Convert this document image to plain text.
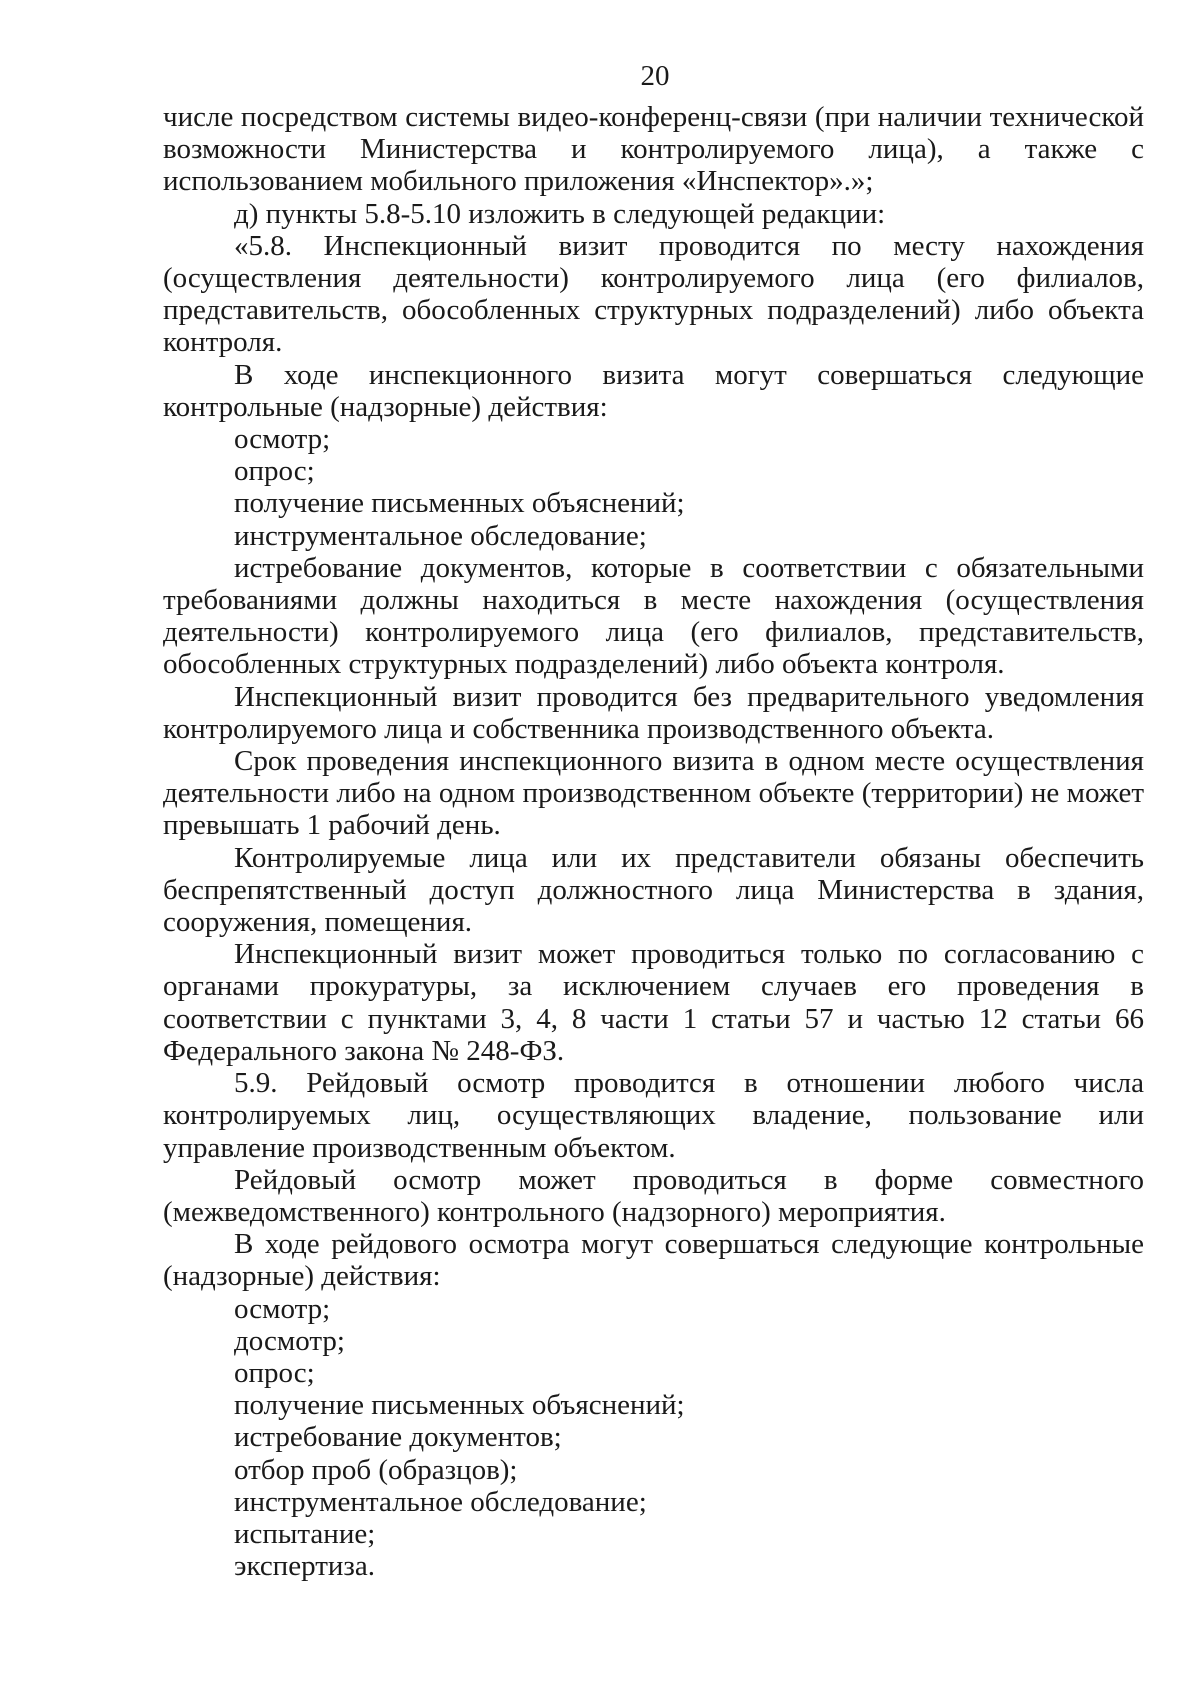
20

числе посредством системы видео-конференц-связи (при наличии технической возможности Министерства и контролируемого лица), а также с использованием мобильного приложения «Инспектор».»;

д) пункты 5.8-5.10 изложить в следующей редакции:

«5.8. Инспекционный визит проводится по месту нахождения (осуществления деятельности) контролируемого лица (его филиалов, представительств, обособленных структурных подразделений) либо объекта контроля.

В ходе инспекционного визита могут совершаться следующие контрольные (надзорные) действия:

осмотр;

опрос;

получение письменных объяснений;

инструментальное обследование;

истребование документов, которые в соответствии с обязательными требованиями должны находиться в месте нахождения (осуществления деятельности) контролируемого лица (его филиалов, представительств, обособленных структурных подразделений) либо объекта контроля.

Инспекционный визит проводится без предварительного уведомления контролируемого лица и собственника производственного объекта.

Срок проведения инспекционного визита в одном месте осуществления деятельности либо на одном производственном объекте (территории) не может превышать 1 рабочий день.

Контролируемые лица или их представители обязаны обеспечить беспрепятственный доступ должностного лица Министерства в здания, сооружения, помещения.

Инспекционный визит может проводиться только по согласованию с органами прокуратуры, за исключением случаев его проведения в соответствии с пунктами 3, 4, 8 части 1 статьи 57 и частью 12 статьи 66 Федерального закона № 248-ФЗ.

5.9. Рейдовый осмотр проводится в отношении любого числа контролируемых лиц, осуществляющих владение, пользование или управление производственным объектом.

Рейдовый осмотр может проводиться в форме совместного (межведомственного) контрольного (надзорного) мероприятия.

В ходе рейдового осмотра могут совершаться следующие контрольные (надзорные) действия:

осмотр;

досмотр;

опрос;

получение письменных объяснений;

истребование документов;

отбор проб (образцов);

инструментальное обследование;

испытание;

экспертиза.
